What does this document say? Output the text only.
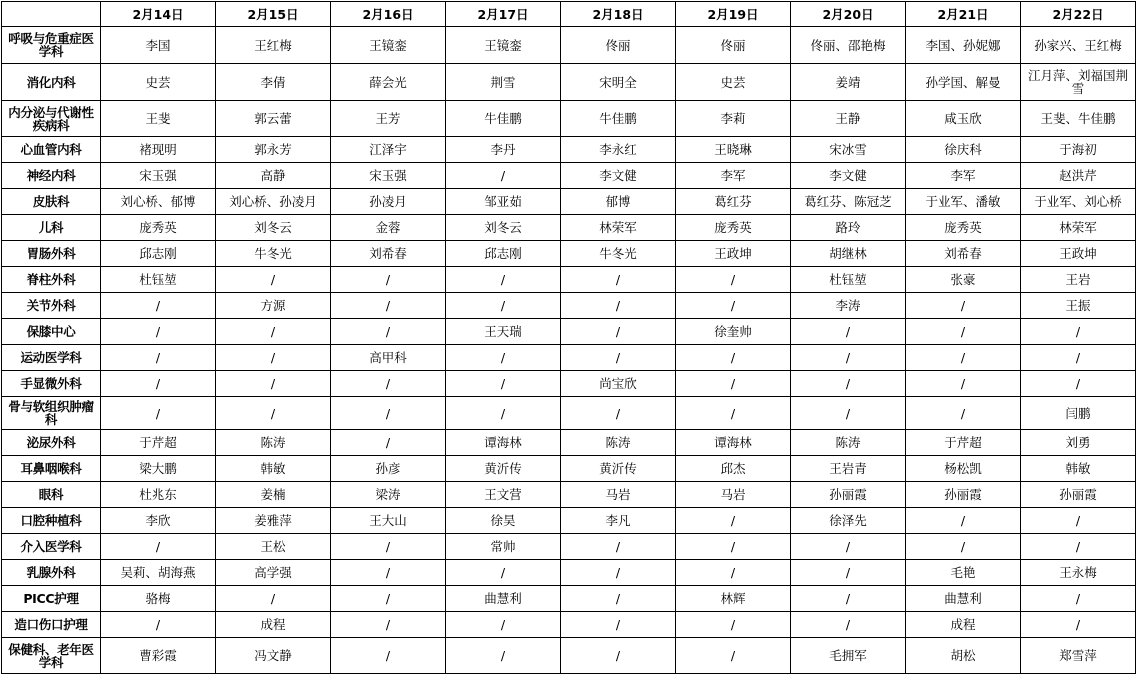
	2月14日	2月15日	2月16日	2月17日	2月18日	2月19日	2月20日	2月21日	2月22日
呼吸与危重症医学科	李国	王红梅	王镜銮	王镜銮	佟丽	佟丽	佟丽、邵艳梅	李国、孙妮娜	孙家兴、王红梅
消化内科	史芸	李倩	薛会光	荆雪	宋明全	史芸	姜靖	孙学国、解曼	江月萍、刘福国荆雪
内分泌与代谢性疾病科	王斐	郭云蕾	王芳	牛佳鹏	牛佳鹏	李莉	王静	咸玉欣	王斐、牛佳鹏
心血管内科	褚现明	郭永芳	江泽宇	李丹	李永红	王晓琳	宋冰雪	徐庆科	于海初
神经内科	宋玉强	高静	宋玉强	/	李文健	李军	李文健	李军	赵洪芹
皮肤科	刘心桥、郁博	刘心桥、孙凌月	孙凌月	邹亚茹	郁博	葛红芬	葛红芬、陈冠芝	于业军、潘敏	于业军、刘心桥
儿科	庞秀英	刘冬云	金蓉	刘冬云	林荣军	庞秀英	路玲	庞秀英	林荣军
胃肠外科	邱志刚	牛冬光	刘希春	邱志刚	牛冬光	王政坤	胡继林	刘希春	王政坤
脊柱外科	杜钰堃	/	/	/	/	/	杜钰堃	张豪	王岩
关节外科	/	方源	/	/	/	/	李涛	/	王振
保膝中心	/	/	/	王天瑞	/	徐奎帅	/	/	/
运动医学科	/	/	高甲科	/	/	/	/	/	/
手显微外科	/	/	/	/	尚宝欣	/	/	/	/
骨与软组织肿瘤科	/	/	/	/	/	/	/	/	闫鹏
泌尿外科	于芹超	陈涛	/	谭海林	陈涛	谭海林	陈涛	于芹超	刘勇
耳鼻咽喉科	梁大鹏	韩敏	孙彦	黄沂传	黄沂传	邱杰	王岩青	杨松凯	韩敏
眼科	杜兆东	姜楠	梁涛	王文营	马岩	马岩	孙丽霞	孙丽霞	孙丽霞
口腔种植科	李欣	姜雅萍	王大山	徐昊	李凡	/	徐泽先	/	/
介入医学科	/	王松	/	常帅	/	/	/	/	/
乳腺外科	吴莉、胡海燕	高学强	/	/	/	/	/	毛艳	王永梅
PICC护理	骆梅	/	/	曲慧利	/	林辉	/	曲慧利	/
造口伤口护理	/	成程	/	/	/	/	/	成程	/
保健科、老年医学科	曹彩霞	冯文静	/	/	/	/	毛拥军	胡松	郑雪萍
